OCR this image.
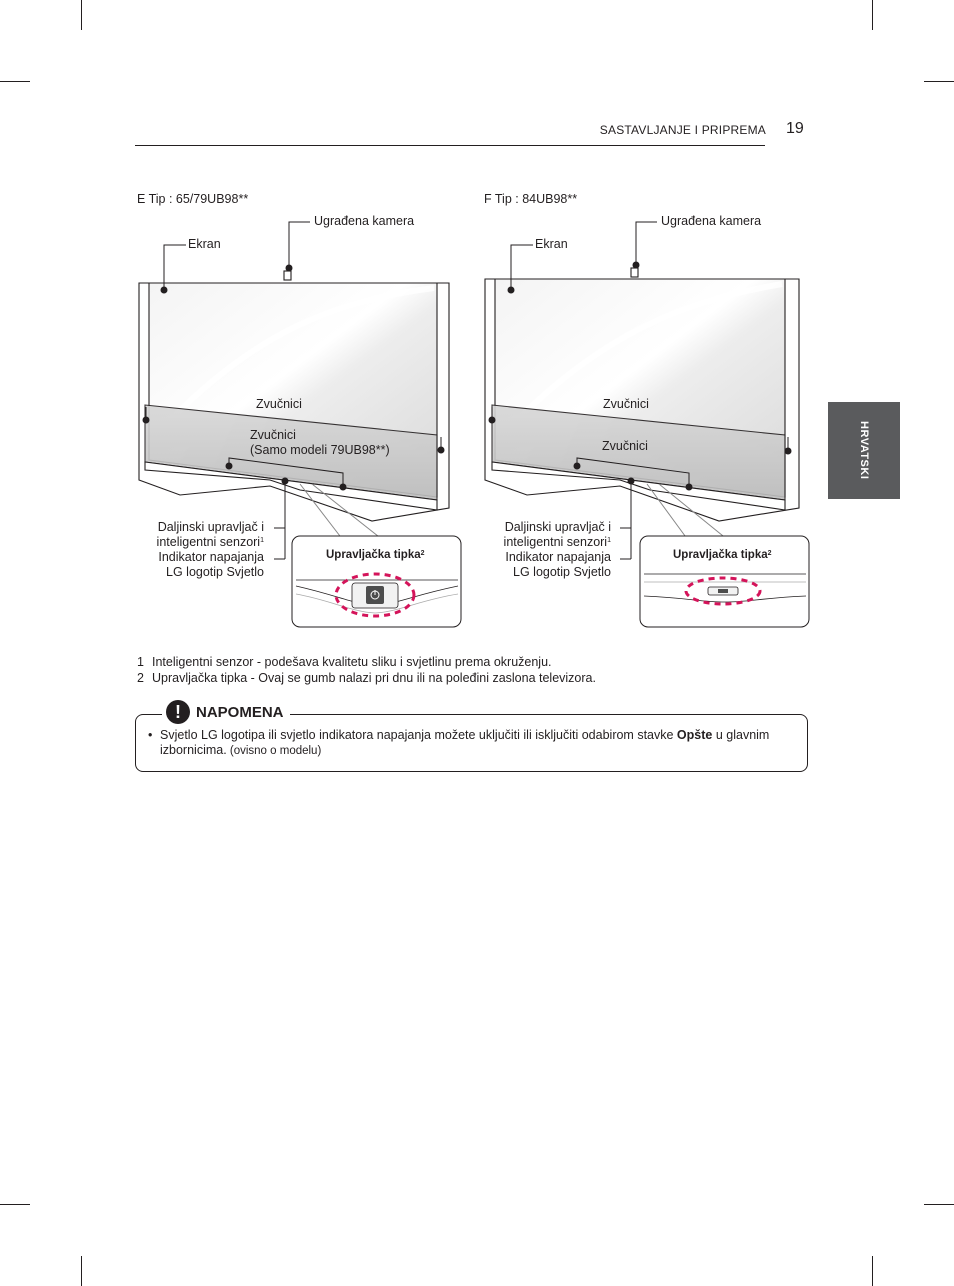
SASTAVLJANJE I PRIPREMA 19
HRVATSKI
E Tip : 65/79UB98**
Ugrađena kamera
Ekran
Zvučnici
Zvučnici
(Samo modeli 79UB98**)
Daljinski upravljač i
inteligentni senzori$^1$
Indikator napajanja
LG logotip Svjetlo
Upravljačka tipka$^2$
F Tip : 84UB98**
Ugrađena kamera
Ekran
Zvučnici
Zvučnici
Daljinski upravljač i
inteligentni senzori$^1$
Indikator napajanja
LG logotip Svjetlo
Upravljačka tipka$^2$
1 Inteligentni senzor - podešava kvalitetu sliku i svjetlinu prema okruženju.
2 Upravljačka tipka - Ovaj se gumb nalazi pri dnu ili na poleđini zaslona televizora.
!	NAPOMENA
• Svjetlo LG logotipa ili svjetlo indikatora napajanja možete uključiti ili isključiti odabirom stavke Opšte u glavnim izbornicima. (ovisno o modelu)
